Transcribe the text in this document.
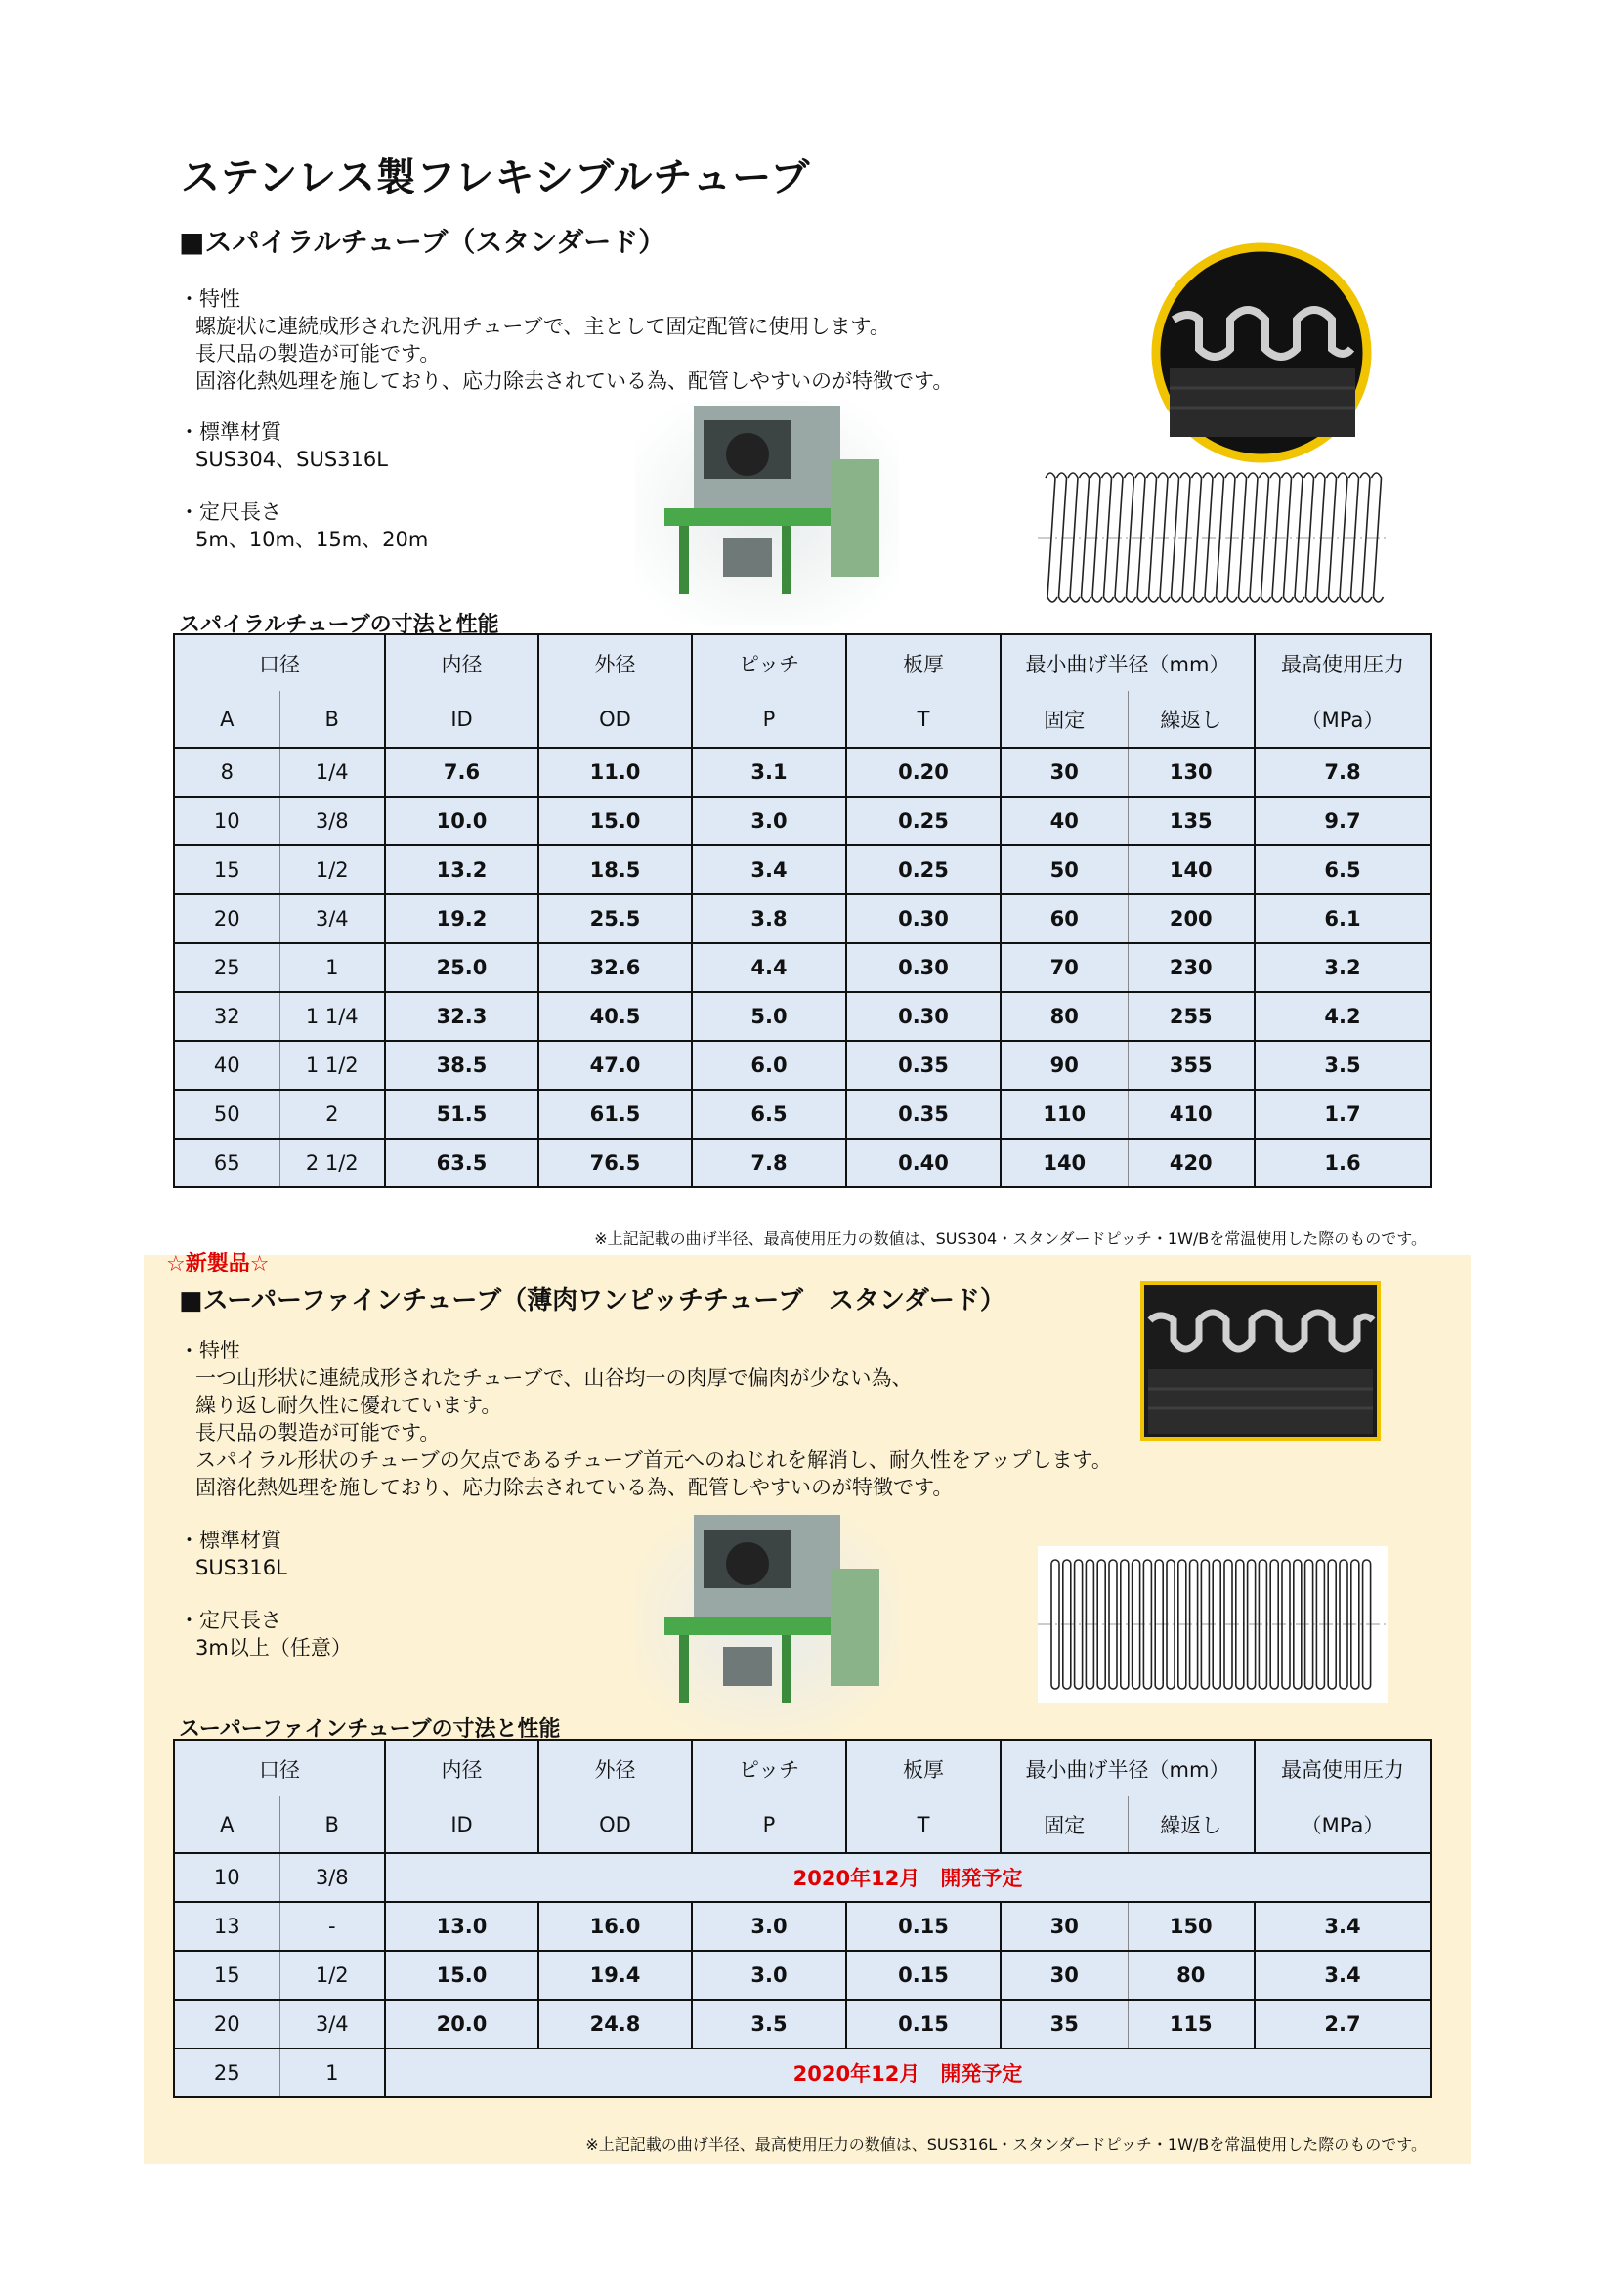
ステンレス製フレキシブルチューブ
■スパイラルチューブ（スタンダード）
・特性
螺旋状に連続成形された汎用チューブで、主として固定配管に使用します。
長尺品の製造が可能です。
固溶化熱処理を施しており、応力除去されている為、配管しやすいのが特徴です。
・標準材質
SUS304、SUS316L
・定尺長さ
5m、10m、15m、20m
スパイラルチューブの寸法と性能
口径		内径	外径	ピッチ	板厚	最小曲げ半径（mm）		最高使用圧力
A	B	ID	OD	P	T	固定	繰返し	（MPa）
8	1/4	7.6	11.0	3.1	0.20	30	130	7.8
10	3/8	10.0	15.0	3.0	0.25	40	135	9.7
15	1/2	13.2	18.5	3.4	0.25	50	140	6.5
20	3/4	19.2	25.5	3.8	0.30	60	200	6.1
25	1	25.0	32.6	4.4	0.30	70	230	3.2
32	1 1/4	32.3	40.5	5.0	0.30	80	255	4.2
40	1 1/2	38.5	47.0	6.0	0.35	90	355	3.5
50	2	51.5	61.5	6.5	0.35	110	410	1.7
65	2 1/2	63.5	76.5	7.8	0.40	140	420	1.6
※上記記載の曲げ半径、最高使用圧力の数値は、SUS304・スタンダードピッチ・1W/Bを常温使用した際のものです。
☆新製品☆
■スーパーファインチューブ（薄肉ワンピッチチューブ　スタンダード）
・特性
一つ山形状に連続成形されたチューブで、山谷均一の肉厚で偏肉が少ない為、
繰り返し耐久性に優れています。
長尺品の製造が可能です。
スパイラル形状のチューブの欠点であるチューブ首元へのねじれを解消し、耐久性をアップします。
固溶化熱処理を施しており、応力除去されている為、配管しやすいのが特徴です。
・標準材質
SUS316L
・定尺長さ
3m以上（任意）
スーパーファインチューブの寸法と性能
口径		内径	外径	ピッチ	板厚	最小曲げ半径（mm）		最高使用圧力
A	B	ID	OD	P	T	固定	繰返し	（MPa）
10	3/8	2020年12月　開発予定						
13	-	13.0	16.0	3.0	0.15	30	150	3.4
15	1/2	15.0	19.4	3.0	0.15	30	80	3.4
20	3/4	20.0	24.8	3.5	0.15	35	115	2.7
25	1	2020年12月　開発予定						
※上記記載の曲げ半径、最高使用圧力の数値は、SUS316L・スタンダードピッチ・1W/Bを常温使用した際のものです。
